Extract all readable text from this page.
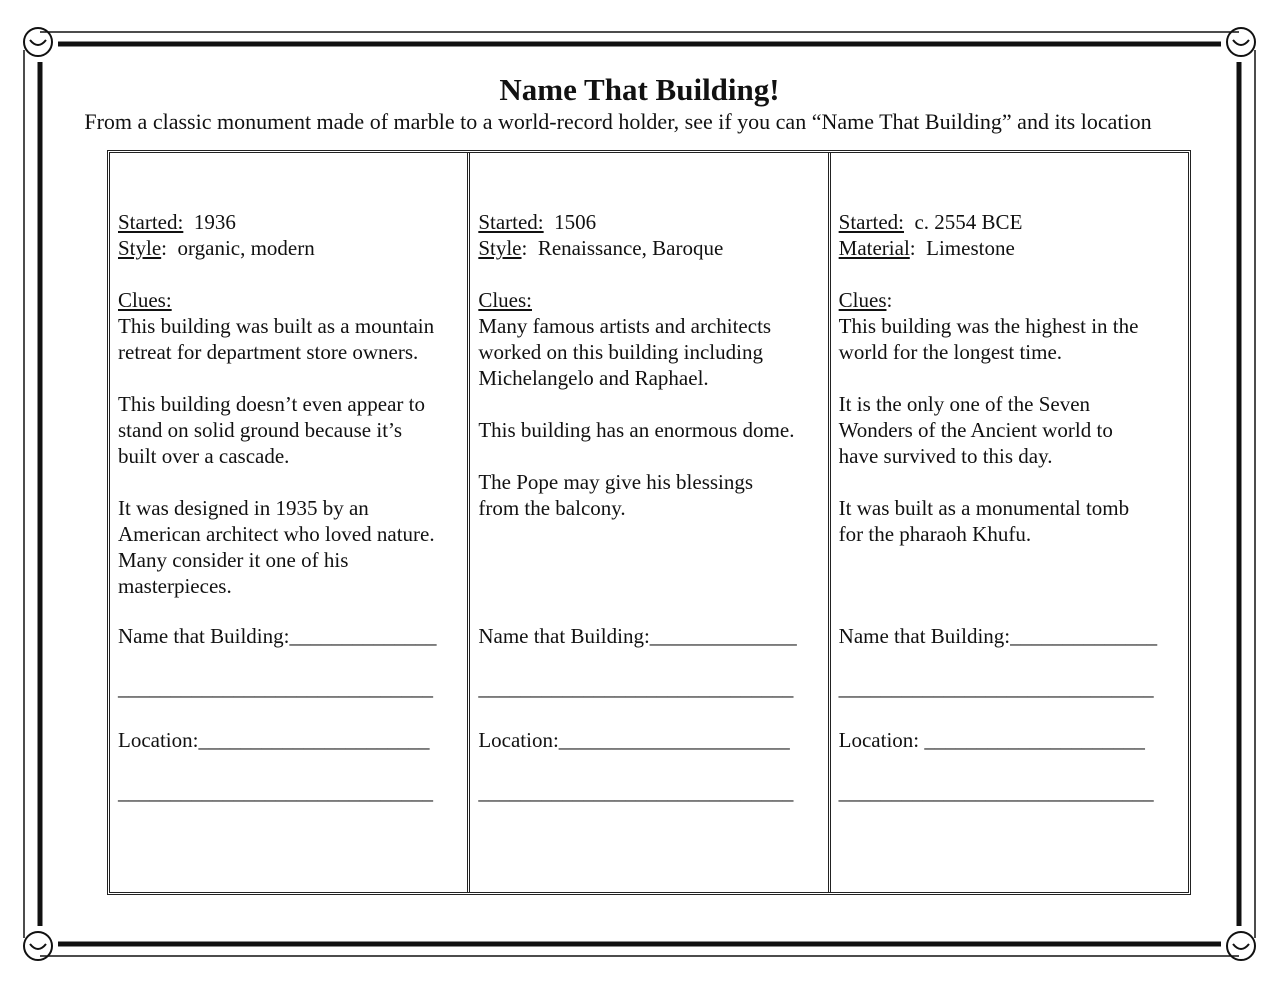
Name That Building!
From a classic monument made of marble to a world-record holder, see if you can “Name That Building” and its location

Started:  1936

Style:  organic, modern

Clues:

This building was built as a mountain

retreat for department store owners.

This building doesn’t even appear to

stand on solid ground because it’s

built over a cascade.

It was designed in 1935 by an

American architect who loved nature.

Many consider it one of his

masterpieces.

Name that Building:______________

______________________________

Location:______________________

______________________________

Started:  1506

Style:  Renaissance, Baroque

Clues:

Many famous artists and architects

worked on this building including

Michelangelo and Raphael.

This building has an enormous dome.

The Pope may give his blessings

from the balcony.

Name that Building:______________

______________________________

Location:______________________

______________________________

Started:  c. 2554 BCE

Material:  Limestone

Clues:

This building was the highest in the

world for the longest time.

It is the only one of the Seven

Wonders of the Ancient world to

have survived to this day.

It was built as a monumental tomb

for the pharaoh Khufu.

Name that Building:______________

______________________________

Location: _____________________

______________________________
